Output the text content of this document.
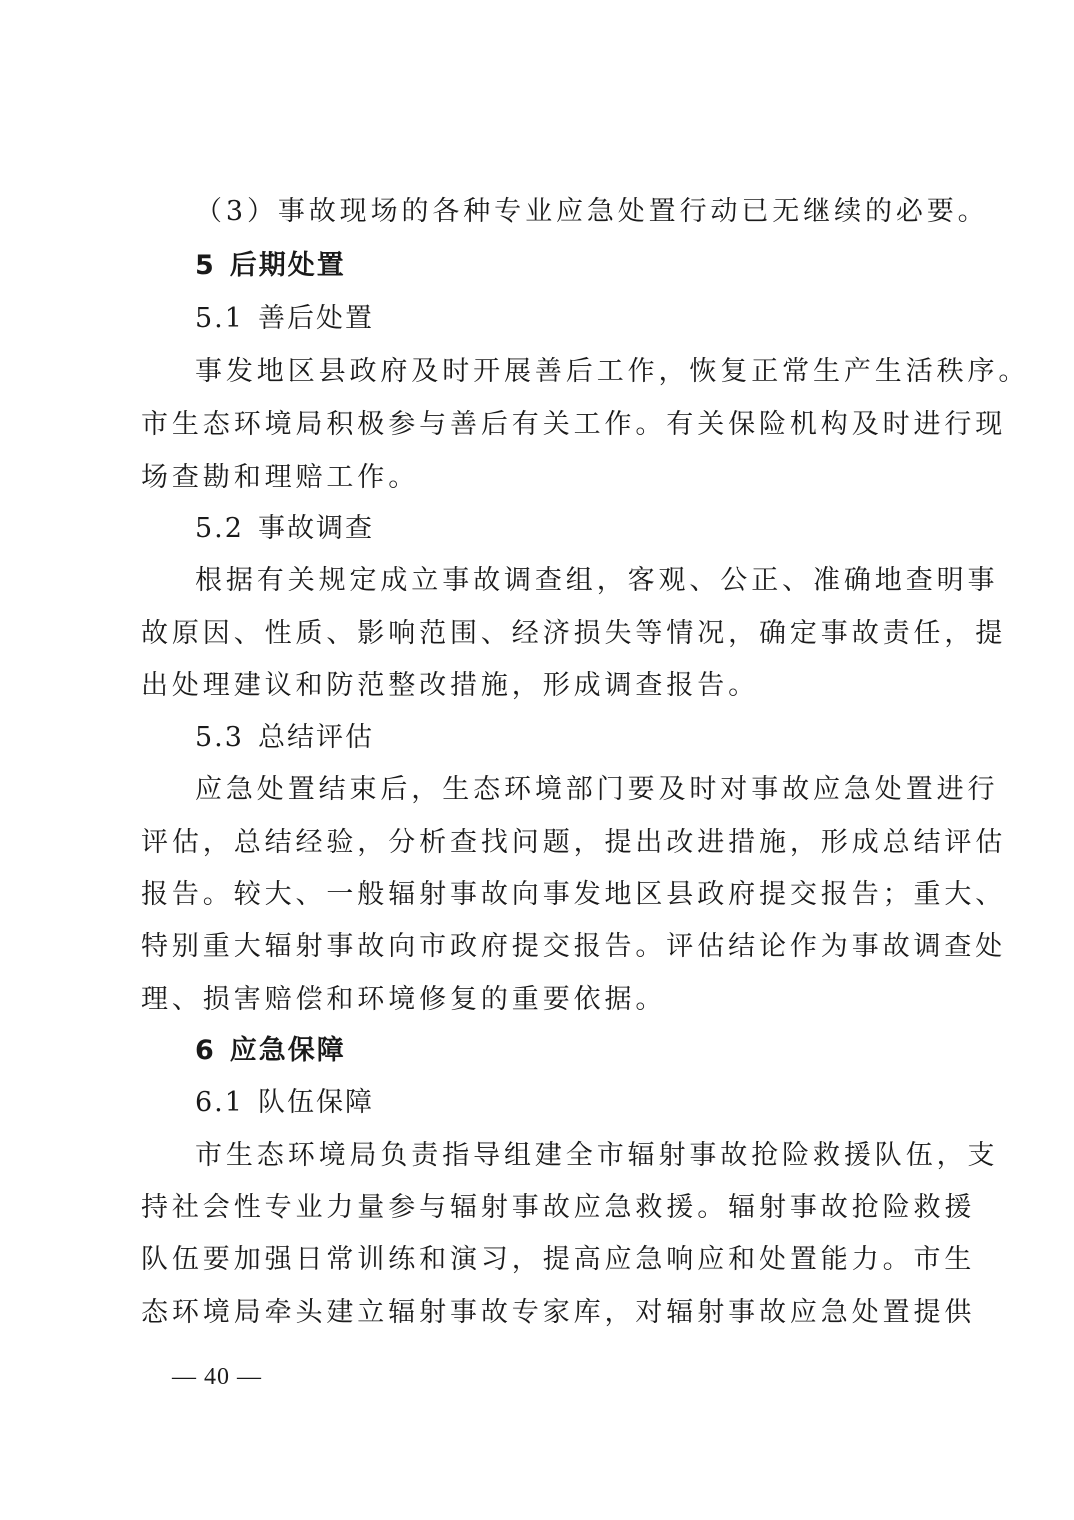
（3）事故现场的各种专业应急处置行动已无继续的必要。
5 后期处置
5.1 善后处置
事发地区县政府及时开展善后工作，恢复正常生产生活秩序。
市生态环境局积极参与善后有关工作。有关保险机构及时进行现
场查勘和理赔工作。
5.2 事故调查
根据有关规定成立事故调查组，客观、公正、准确地查明事
故原因、性质、影响范围、经济损失等情况，确定事故责任，提
出处理建议和防范整改措施，形成调查报告。
5.3 总结评估
应急处置结束后，生态环境部门要及时对事故应急处置进行
评估，总结经验，分析查找问题，提出改进措施，形成总结评估
报告。较大、一般辐射事故向事发地区县政府提交报告；重大、
特别重大辐射事故向市政府提交报告。评估结论作为事故调查处
理、损害赔偿和环境修复的重要依据。
6 应急保障
6.1 队伍保障
市生态环境局负责指导组建全市辐射事故抢险救援队伍，支
持社会性专业力量参与辐射事故应急救援。辐射事故抢险救援
队伍要加强日常训练和演习，提高应急响应和处置能力。市生
态环境局牵头建立辐射事故专家库，对辐射事故应急处置提供
— 40 —
